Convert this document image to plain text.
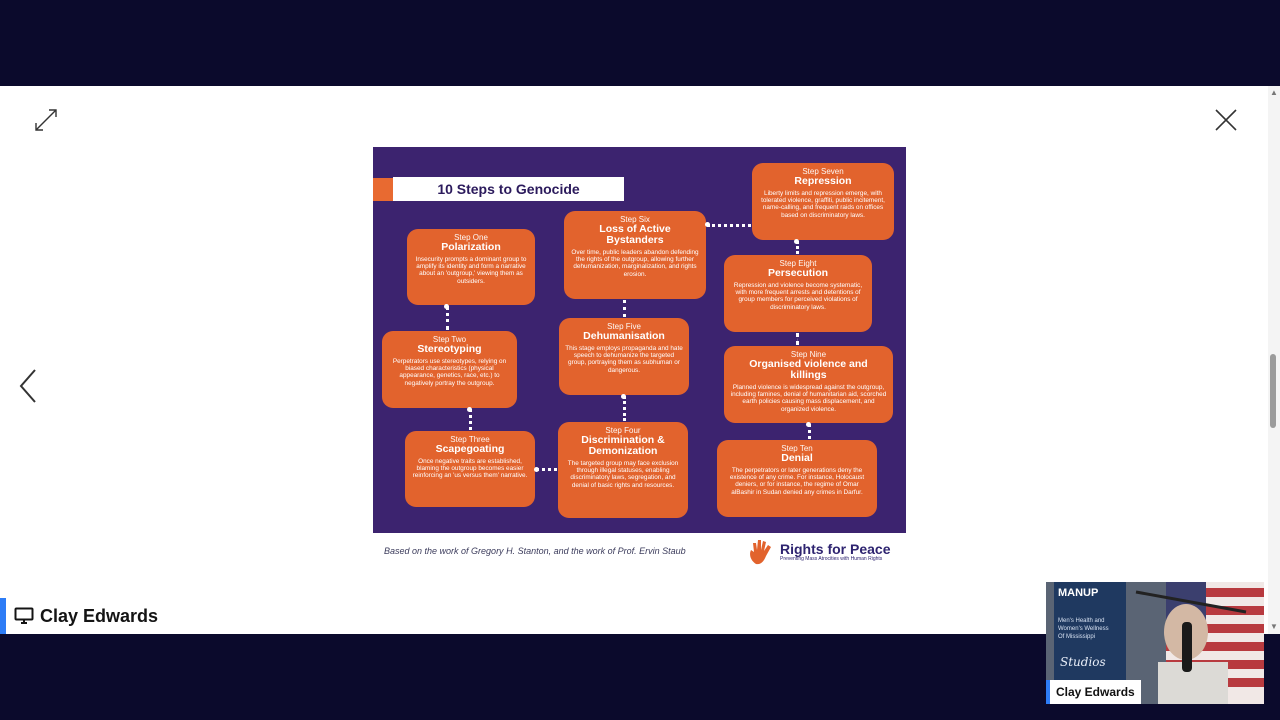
▲
▼
10 Steps to Genocide
Step One
Polarization
Insecurity prompts a dominant group to amplify its identity and form a narrative about an 'outgroup,' viewing them as outsiders.
Step Two
Stereotyping
Perpetrators use stereotypes, relying on biased characteristics (physical appearance, genetics, race, etc.) to negatively portray the outgroup.
Step Three
Scapegoating
Once negative traits are established, blaming the outgroup becomes easier reinforcing an 'us versus them' narrative.
Step Four
Discrimination & Demonization
The targeted group may face exclusion through illegal statuses, enabling discriminatory laws, segregation, and denial of basic rights and resources.
Step Five
Dehumanisation
This stage employs propaganda and hate speech to dehumanize the targeted group, portraying them as subhuman or dangerous.
Step Six
Loss of Active Bystanders
Over time, public leaders abandon defending the rights of the outgroup, allowing further dehumanization, marginalization, and rights erosion.
Step Seven
Repression
Liberty limits and repression emerge, with tolerated violence, graffiti, public incitement, name-calling, and frequent raids on offices based on discriminatory laws.
Step Eight
Persecution
Repression and violence become systematic, with more frequent arrests and detentions of group members for perceived violations of discriminatory laws.
Step Nine
Organised violence and killings
Planned violence is widespread against the outgroup, including famines, denial of humanitarian aid, scorched earth policies causing mass displacement, and organized violence.
Step Ten
Denial
The perpetrators or later generations deny the existence of any crime. For instance, Holocaust deniers, or for instance, the regime of Omar alBashir in Sudan denied any crimes in Darfur.
Based on the work of Gregory H. Stanton, and the work of Prof. Ervin Staub	Rights for Peace
Preventing Mass Atrocities with Human Rights
Clay Edwards
MANUP
Men's Health and
Women's Wellness
Of Mississippi
Studios
Clay Edwards
